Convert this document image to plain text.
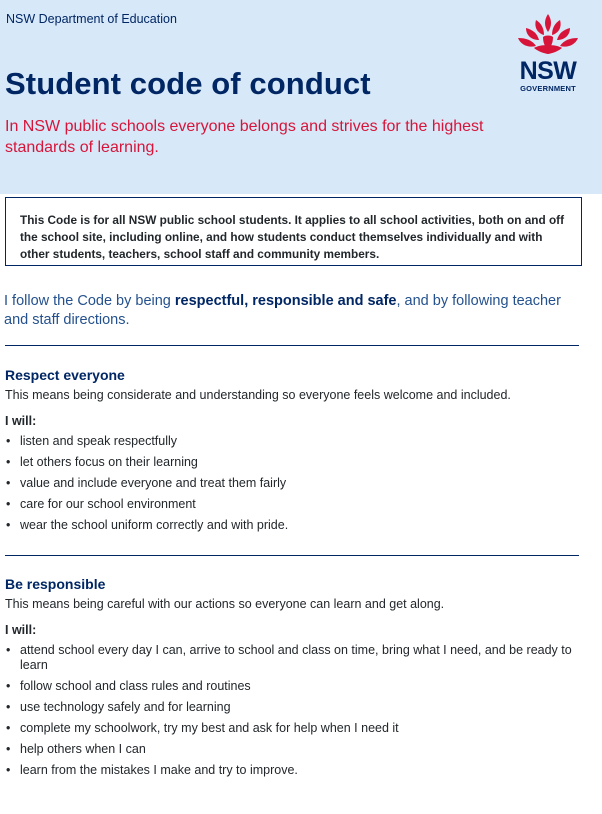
NSW Department of Education
Student code of conduct
In NSW public schools everyone belongs and strives for the highest standards of learning.
NSW
GOVERNMENT
This Code is for all NSW public school students. It applies to all school activities, both on and off the school site, including online, and how students conduct themselves individually and with other students, teachers, school staff and community members.
I follow the Code by being respectful, responsible and safe, and by following teacher and staff directions.
Respect everyone
This means being considerate and understanding so everyone feels welcome and included.
I will:
• listen and speak respectfully
• let others focus on their learning
• value and include everyone and treat them fairly
• care for our school environment
• wear the school uniform correctly and with pride.
Be responsible
This means being careful with our actions so everyone can learn and get along.
I will:
• attend school every day I can, arrive to school and class on time, bring what I need, and be ready to learn
• follow school and class rules and routines
• use technology safely and for learning
• complete my schoolwork, try my best and ask for help when I need it
• help others when I can
• learn from the mistakes I make and try to improve.
